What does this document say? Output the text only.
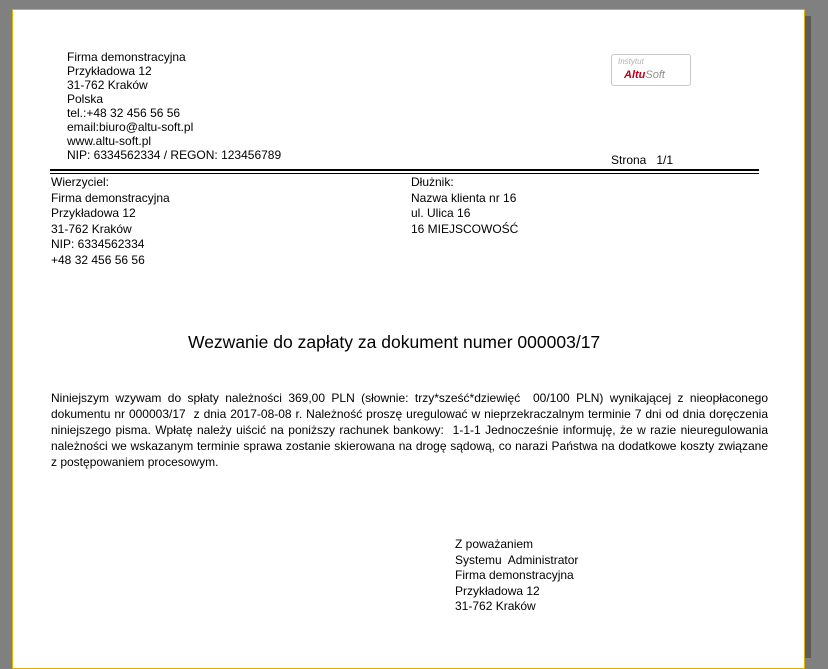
Firma demonstracyjna
Przykładowa 12
31-762 Kraków
Polska
tel.:+48 32 456 56 56
email:biuro@altu-soft.pl
www.altu-soft.pl
NIP: 6334562334 / REGON: 123456789
Instytut
AltuSoft
Strona   1/1
Wierzyciel:
Firma demonstracyjna
Przykładowa 12
31-762 Kraków
NIP: 6334562334
+48 32 456 56 56
Dłużnik:
Nazwa klienta nr 16
ul. Ulica 16
16 MIEJSCOWOŚĆ
Wezwanie do zapłaty za dokument numer 000003/17

Niniejszym wzywam do spłaty należności 369,00 PLN (słownie: trzy*sześć*dziewięć  00/100 PLN) wynikającej z nieopłaconego dokumentu nr 000003/17  z dnia 2017-08-08 r. Należność proszę uregulować w nieprzekraczalnym terminie 7 dni od dnia doręczenia niniejszego pisma. Wpłatę należy uiścić na poniższy rachunek bankowy:  1-1-1 Jednocześnie informuję, że w razie nieuregulowania należności we wskazanym terminie sprawa zostanie skierowana na drogę sądową, co narazi Państwa na dodatkowe koszty związane z postępowaniem procesowym.

Z poważaniem
Systemu  Administrator
Firma demonstracyjna
Przykładowa 12
31-762 Kraków
